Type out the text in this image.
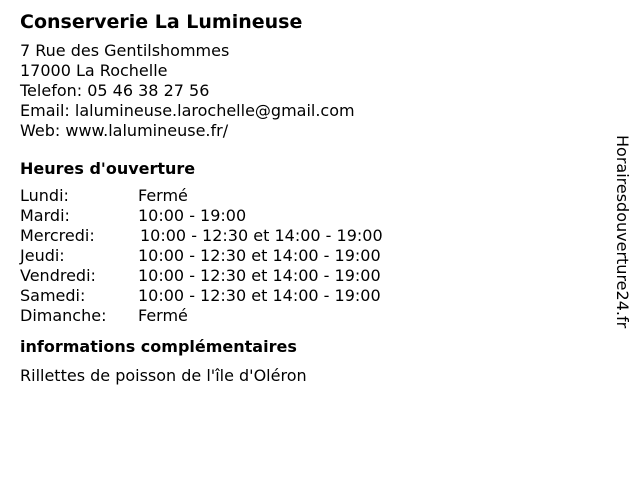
Conserverie La Lumineuse
7 Rue des Gentilshommes
17000 La Rochelle
Telefon: 05 46 38 27 56
Email: lalumineuse.larochelle@gmail.com
Web: www.lalumineuse.fr/
Heures d'ouverture
Lundi:	Fermé
Mardi:	10:00 - 19:00
Mercredi:	10:00 - 12:30 et 14:00 - 19:00
Jeudi:	10:00 - 12:30 et 14:00 - 19:00
Vendredi:	10:00 - 12:30 et 14:00 - 19:00
Samedi:	10:00 - 12:30 et 14:00 - 19:00
Dimanche:	Fermé
informations complémentaires
Rillettes de poisson de l'île d'Oléron
Horairesdouverture24.fr
